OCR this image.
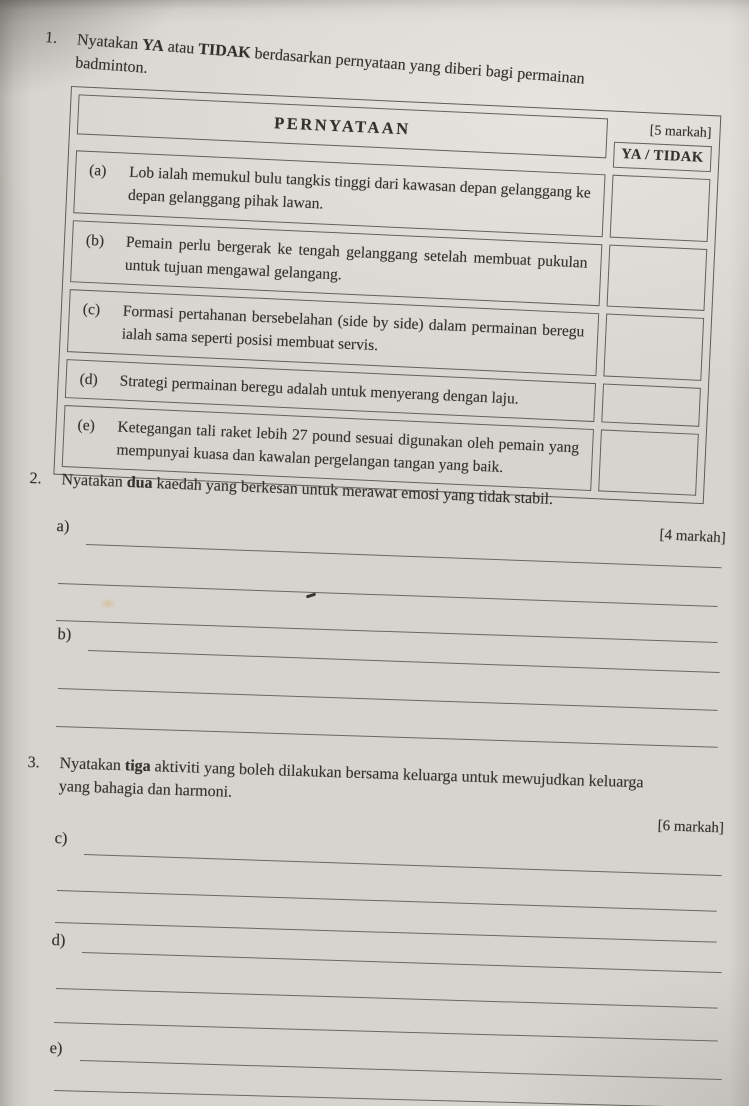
1.	Nyatakan YA atau TIDAK berdasarkan pernyataan yang diberi bagi permainan badminton.
PERNYATAAN	[5 markah]
YA / TIDAK
(a)	Lob ialah memukul bulu tangkis tinggi dari kawasan depan gelanggang ke depan gelanggang pihak lawan.
(b)	Pemain perlu bergerak ke tengah gelanggang setelah membuat pukulan untuk tujuan mengawal gelangang.
(c)	Formasi pertahanan bersebelahan (side by side) dalam permainan beregu ialah sama seperti posisi membuat servis.
(d)	Strategi permainan beregu adalah untuk menyerang dengan laju.
(e)	Ketegangan tali raket lebih 27 pound sesuai digunakan oleh pemain yang mempunyai kuasa dan kawalan pergelangan tangan yang baik.
2.	Nyatakan dua kaedah yang berkesan untuk merawat emosi yang tidak stabil.
[4 markah]
a)
b)
3.	Nyatakan tiga aktiviti yang boleh dilakukan bersama keluarga untuk mewujudkan keluarga yang bahagia dan harmoni.
[6 markah]
c)
d)
e)
